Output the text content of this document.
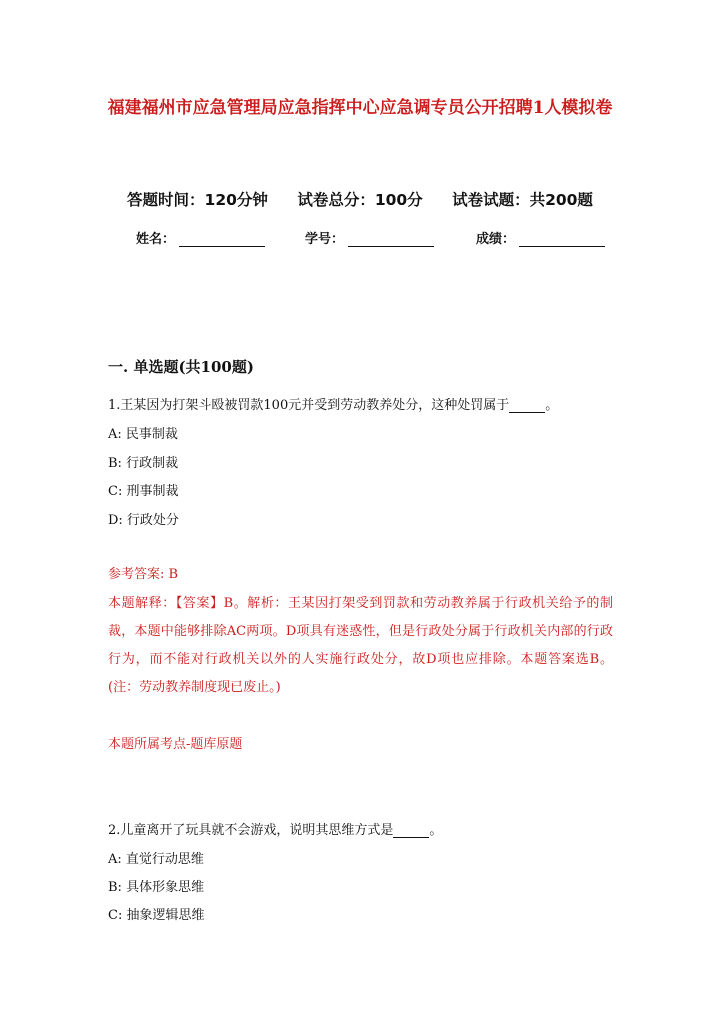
福建福州市应急管理局应急指挥中心应急调专员公开招聘1人模拟卷
答题时间：120分钟 试卷总分：100分 试卷试题：共200题
姓名：	学号：	成绩：
一. 单选题(共100题)
1.王某因为打架斗殴被罚款100元并受到劳动教养处分，这种处罚属于	。
A: 民事制裁
B: 行政制裁
C: 刑事制裁
D: 行政处分
参考答案: B
本题解释：【答案】B。解析：王某因打架受到罚款和劳动教养属于行政机关给予的制裁，本题中能够排除AC两项。D项具有迷惑性，但是行政处分属于行政机关内部的行政行为，而不能对行政机关以外的人实施行政处分，故D项也应排除。本题答案选B。(注：劳动教养制度现已废止。)
本题所属考点-题库原题
2.儿童离开了玩具就不会游戏，说明其思维方式是	。
A: 直觉行动思维
B: 具体形象思维
C: 抽象逻辑思维
